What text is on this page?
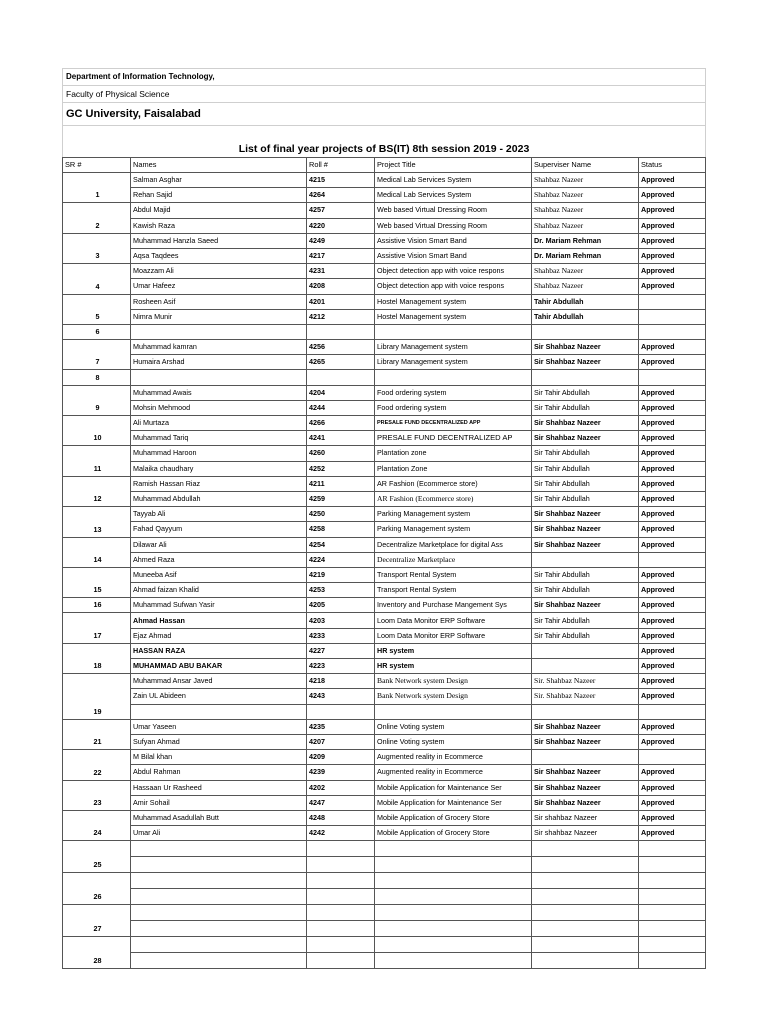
Department of Information Technology,
Faculty of Physical Science
GC University, Faisalabad
List of final year projects of BS(IT) 8th session 2019 - 2023
SR #	Names	Roll #	Project Title	Superviser Name	Status
1	Salman Asghar	4215	Medical Lab Services System	Shahbaz Nazeer	Approved
	Rehan Sajid	4264	Medical Lab Services System	Shahbaz Nazeer	Approved
2	Abdul Majid	4257	Web based Virtual Dressing Room	Shahbaz Nazeer	Approved
	Kawish Raza	4220	Web based Virtual Dressing Room	Shahbaz Nazeer	Approved
3	Muhammad Hanzla Saeed	4249	Assistive Vision Smart Band	Dr. Mariam Rehman	Approved
	Aqsa Taqdees	4217	Assistive Vision Smart Band	Dr. Mariam Rehman	Approved
4	Moazzam Ali	4231	Object detection app with voice respons	Shahbaz Nazeer	Approved
	Umar Hafeez	4208	Object detection app with voice respons	Shahbaz Nazeer	Approved
5	Rosheen Asif	4201	Hostel Management system	Tahir Abdullah	
	Nimra Munir	4212	Hostel Management system	Tahir Abdullah	
6					
7	Muhammad kamran	4256	Library Management system	Sir Shahbaz Nazeer	Approved
	Humaira Arshad	4265	Library Management system	Sir Shahbaz Nazeer	Approved
8					
9	Muhammad Awais	4204	Food ordering system	Sir Tahir Abdullah	Approved
	Mohsin Mehmood	4244	Food ordering system	Sir Tahir Abdullah	Approved
10	Ali Murtaza	4266	PRESALE FUND DECENTRALIZED APP	Sir Shahbaz Nazeer	Approved
	Muhammad Tariq	4241	PRESALE FUND DECENTRALIZED AP	Sir Shahbaz Nazeer	Approved
11	Muhammad Haroon	4260	Plantation zone	Sir Tahir Abdullah	Approved
	Malaika chaudhary	4252	Plantation Zone	Sir Tahir Abdullah	Approved
12	Ramish Hassan Riaz	4211	AR Fashion (Ecommerce store)	Sir Tahir Abdullah	Approved
	Muhammad Abdullah	4259	AR Fashion (Ecommerce store)	Sir Tahir Abdullah	Approved
13	Tayyab Ali	4250	Parking Management system	Sir Shahbaz Nazeer	Approved
	Fahad Qayyum	4258	Parking Management system	Sir Shahbaz Nazeer	Approved
14	Dilawar Ali	4254	Decentralize Marketplace for digital Ass	Sir Shahbaz Nazeer	Approved
	Ahmed Raza	4224	Decentralize Marketplace		
15	Muneeba Asif	4219	Transport Rental System	Sir Tahir Abdullah	Approved
	Ahmad faizan Khalid	4253	Transport Rental System	Sir Tahir Abdullah	Approved
16	Muhammad Sufwan Yasir	4205	Inventory and Purchase Mangement Sys	Sir Shahbaz Nazeer	Approved
17	Ahmad Hassan	4203	Loom Data Monitor ERP Software	Sir Tahir Abdullah	Approved
	Ejaz Ahmad	4233	Loom Data Monitor ERP Software	Sir Tahir Abdullah	Approved
18	HASSAN RAZA	4227	HR system		Approved
	MUHAMMAD ABU BAKAR	4223	HR system		Approved
19	Muhammad Ansar Javed	4218	Bank Network system Design	Sir. Shahbaz Nazeer	Approved
	Zain UL Abideen	4243	Bank Network system Design	Sir. Shahbaz Nazeer	Approved

21	Umar Yaseen	4235	Online Voting system	Sir Shahbaz Nazeer	Approved
	Sufyan Ahmad	4207	Online Voting system	Sir Shahbaz Nazeer	Approved
22	M Bilal khan	4209	Augmented reality in Ecommerce		
	Abdul Rahman	4239	Augmented reality in Ecommerce	Sir Shahbaz Nazeer	Approved
23	Hassaan Ur Rasheed	4202	Mobile Application for Maintenance Ser	Sir Shahbaz Nazeer	Approved
	Amir Sohail	4247	Mobile Application for Maintenance Ser	Sir Shahbaz Nazeer	Approved
24	Muhammad Asadullah Butt	4248	Mobile Application of Grocery Store	Sir shahbaz Nazeer	Approved
	Umar Ali	4242	Mobile Application of Grocery Store	Sir shahbaz Nazeer	Approved
25					

26					

27					

28					
